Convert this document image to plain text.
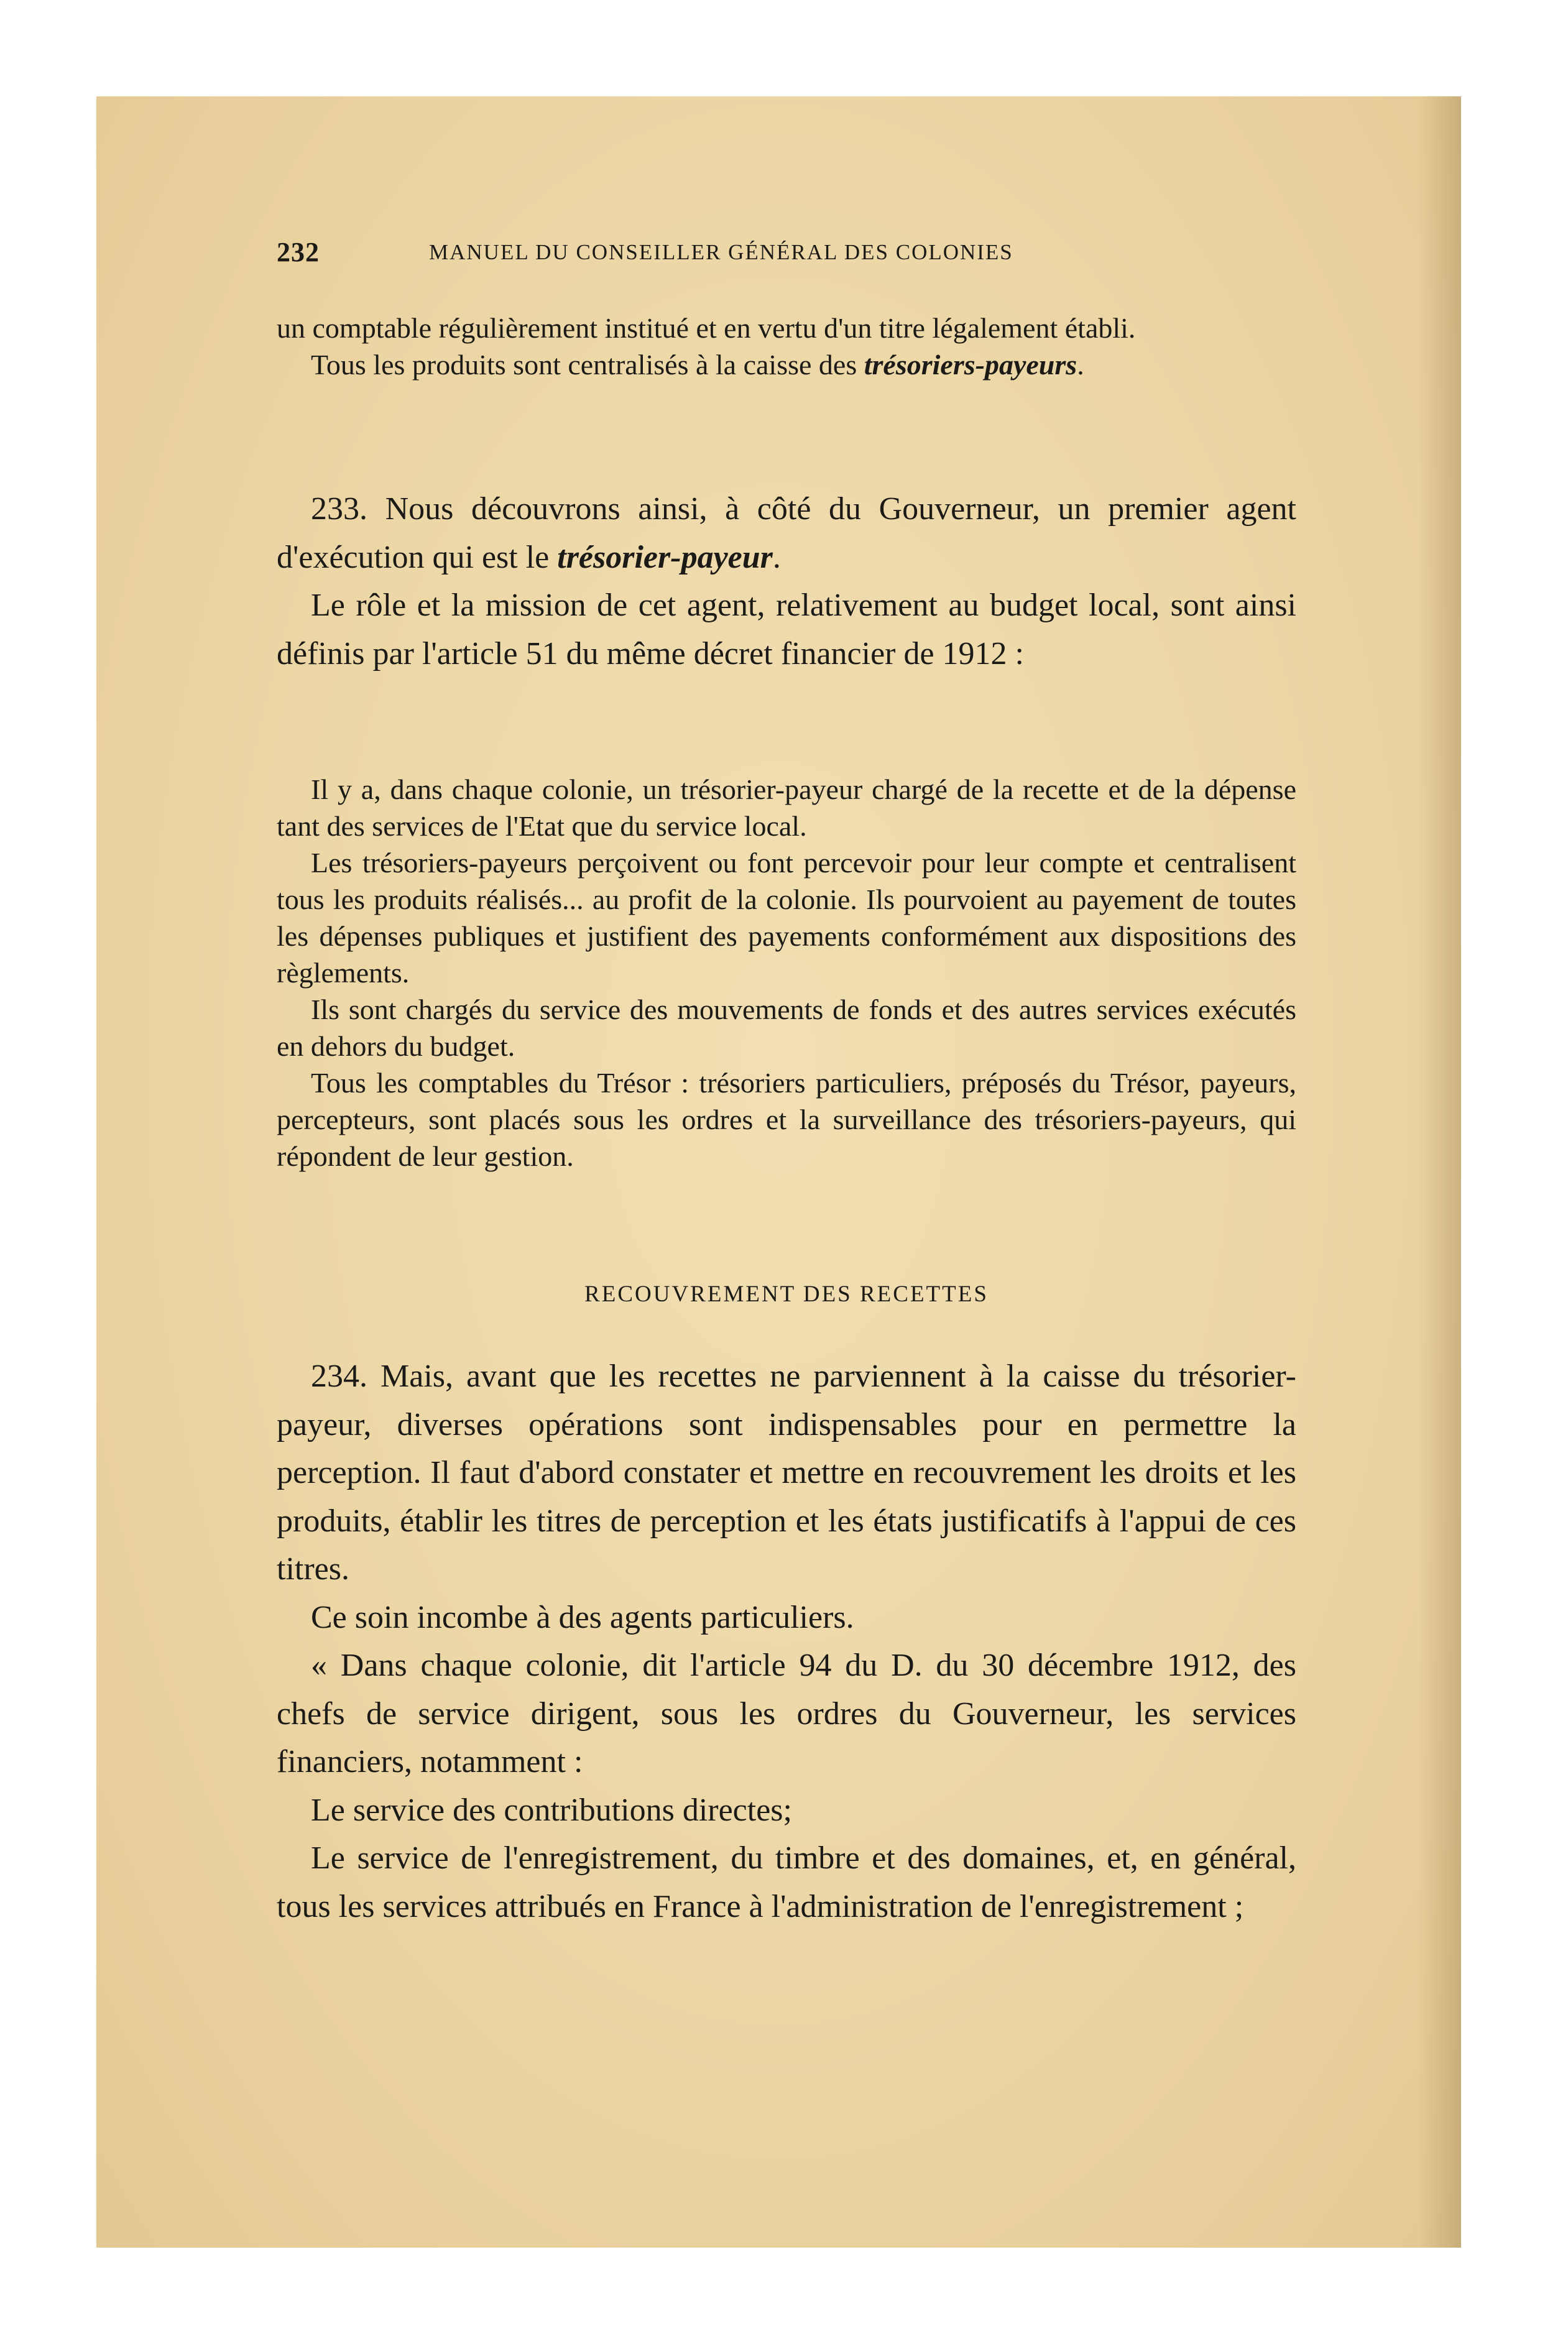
232	MANUEL DU CONSEILLER GÉNÉRAL DES COLONIES

un comptable régulièrement institué et en vertu d'un titre légalement établi.

Tous les produits sont centralisés à la caisse des trésoriers-payeurs.

233. Nous découvrons ainsi, à côté du Gouverneur, un premier agent d'exécution qui est le trésorier-payeur.

Le rôle et la mission de cet agent, relativement au budget local, sont ainsi définis par l'article 51 du même décret financier de 1912 :

Il y a, dans chaque colonie, un trésorier-payeur chargé de la recette et de la dépense tant des services de l'Etat que du service local.

Les trésoriers-payeurs perçoivent ou font percevoir pour leur compte et centralisent tous les produits réalisés... au profit de la colonie. Ils pourvoient au payement de toutes les dépenses publiques et justifient des payements conformément aux dispositions des règlements.

Ils sont chargés du service des mouvements de fonds et des autres services exécutés en dehors du budget.

Tous les comptables du Trésor : trésoriers particuliers, préposés du Trésor, payeurs, percepteurs, sont placés sous les ordres et la surveillance des trésoriers-payeurs, qui répondent de leur gestion.

RECOUVREMENT DES RECETTES

234. Mais, avant que les recettes ne parviennent à la caisse du trésorier-payeur, diverses opérations sont indispensables pour en permettre la perception. Il faut d'abord constater et mettre en recouvrement les droits et les produits, établir les titres de perception et les états justificatifs à l'appui de ces titres.

Ce soin incombe à des agents particuliers.

« Dans chaque colonie, dit l'article 94 du D. du 30 décembre 1912, des chefs de service dirigent, sous les ordres du Gouverneur, les services financiers, notamment :

Le service des contributions directes;

Le service de l'enregistrement, du timbre et des domaines, et, en général, tous les services attribués en France à l'administration de l'enregistrement ;
